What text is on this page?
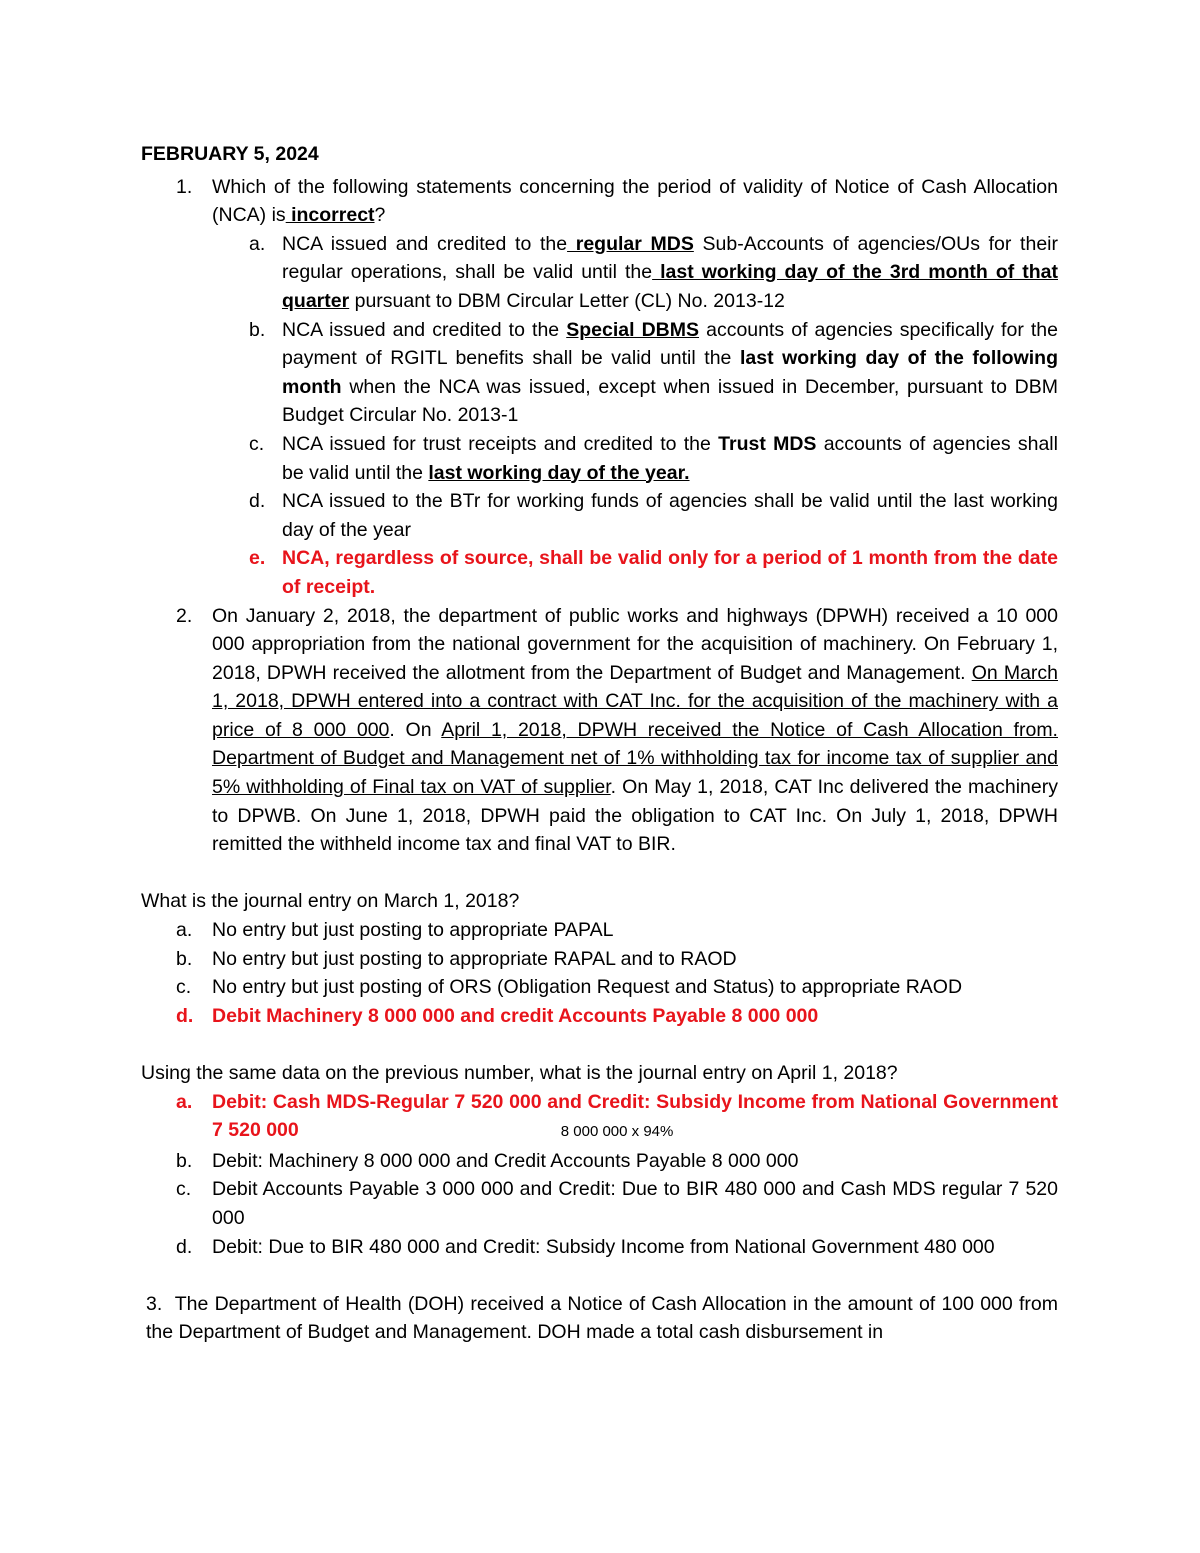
FEBRUARY 5, 2024

1.	Which of the following statements concerning the period of validity of Notice of Cash Allocation (NCA) is incorrect?
a. NCA issued and credited to the regular MDS Sub-Accounts of agencies/OUs for their regular operations, shall be valid until the last working day of the 3rd month of that quarter pursuant to DBM Circular Letter (CL) No. 2013-12
b. NCA issued and credited to the Special DBMS accounts of agencies specifically for the payment of RGITL benefits shall be valid until the last working day of the following month when the NCA was issued, except when issued in December, pursuant to DBM Budget Circular No. 2013-1
c. NCA issued for trust receipts and credited to the Trust MDS accounts of agencies shall be valid until the last working day of the year.
d. NCA issued to the BTr for working funds of agencies shall be valid until the last working day of the year
e. NCA, regardless of source, shall be valid only for a period of 1 month from the date of receipt.
2.	On January 2, 2018, the department of public works and highways (DPWH) received a 10 000 000 appropriation from the national government for the acquisition of machinery. On February 1, 2018, DPWH received the allotment from the Department of Budget and Management. On March 1, 2018, DPWH entered into a contract with CAT Inc. for the acquisition of the machinery with a price of 8 000 000. On April 1, 2018, DPWH received the Notice of Cash Allocation from. Department of Budget and Management net of 1% withholding tax for income tax of supplier and 5% withholding of Final tax on VAT of supplier. On May 1, 2018, CAT Inc delivered the machinery to DPWB. On June 1, 2018, DPWH paid the obligation to CAT Inc. On July 1, 2018, DPWH remitted the withheld income tax and final VAT to BIR.

What is the journal entry on March 1, 2018?

a.	No entry but just posting to appropriate PAPAL
b.	No entry but just posting to appropriate RAPAL and to RAOD
c.	No entry but just posting of ORS (Obligation Request and Status) to appropriate RAOD
d. Debit Machinery 8 000 000 and credit Accounts Payable 8 000 000

Using the same data on the previous number, what is the journal entry on April 1, 2018?

a.	Debit: Cash MDS-Regular 7 520 000 and Credit: Subsidy Income from National Government 7 520 000	8 000 000 x 94%
b.	Debit: Machinery 8 000 000 and Credit Accounts Payable 8 000 000
c.	Debit Accounts Payable 3 000 000 and Credit: Due to BIR 480 000 and Cash MDS regular 7 520 000
d.	Debit: Due to BIR 480 000 and Credit: Subsidy Income from National Government 480 000

3. The Department of Health (DOH) received a Notice of Cash Allocation in the amount of 100 000 from the Department of Budget and Management. DOH made a total cash disbursement in
